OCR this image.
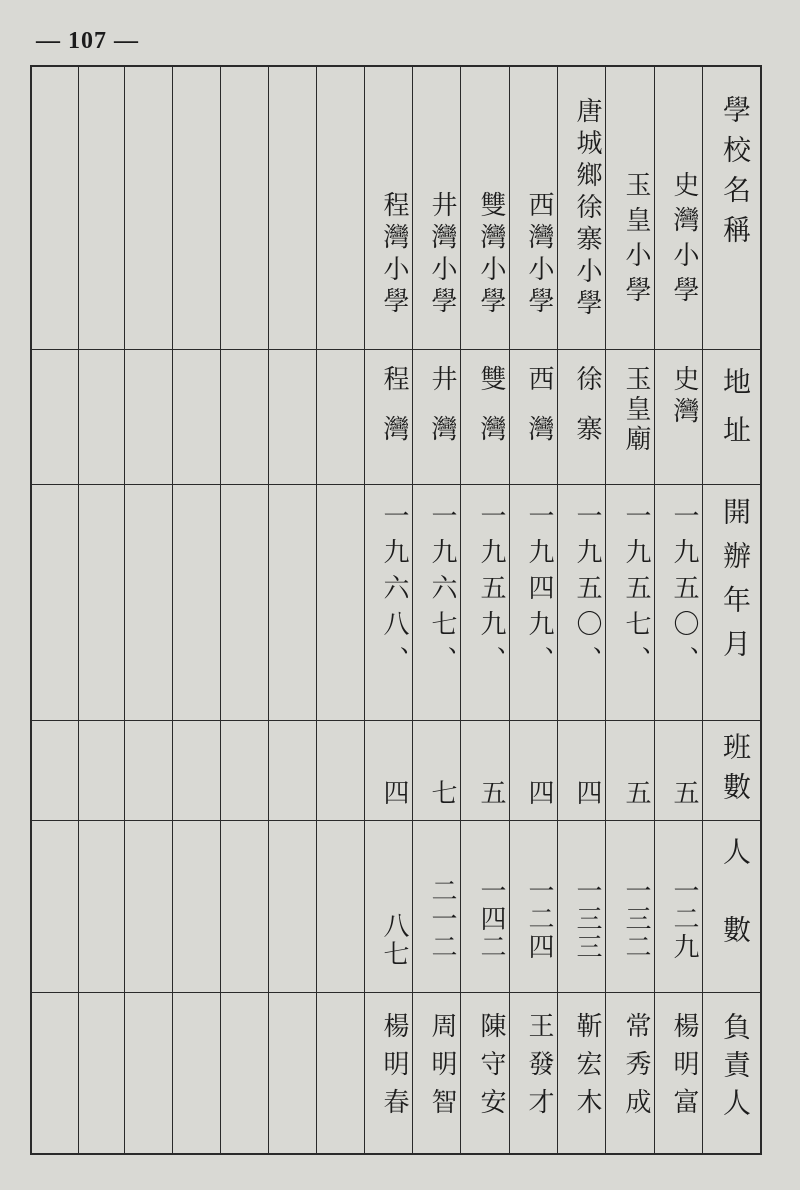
— 107 —
學校名稱
地址
開辦年月
班數
人數
負責人
史灣小學
史灣
一九五〇、
五
一二九
楊明富
玉皇小學
玉皇廟
一九五七、
五
一三二
常秀成
唐城鄉徐寨小學
徐寨
一九五〇、
四
一三三
靳宏木
西灣小學
西灣
一九四九、
四
一二四
王發才
雙灣小學
雙灣
一九五九、
五
一四二
陳守安
井灣小學
井灣
一九六七、
七
二一二
周明智
程灣小學
程灣
一九六八、
四
八七
楊明春
